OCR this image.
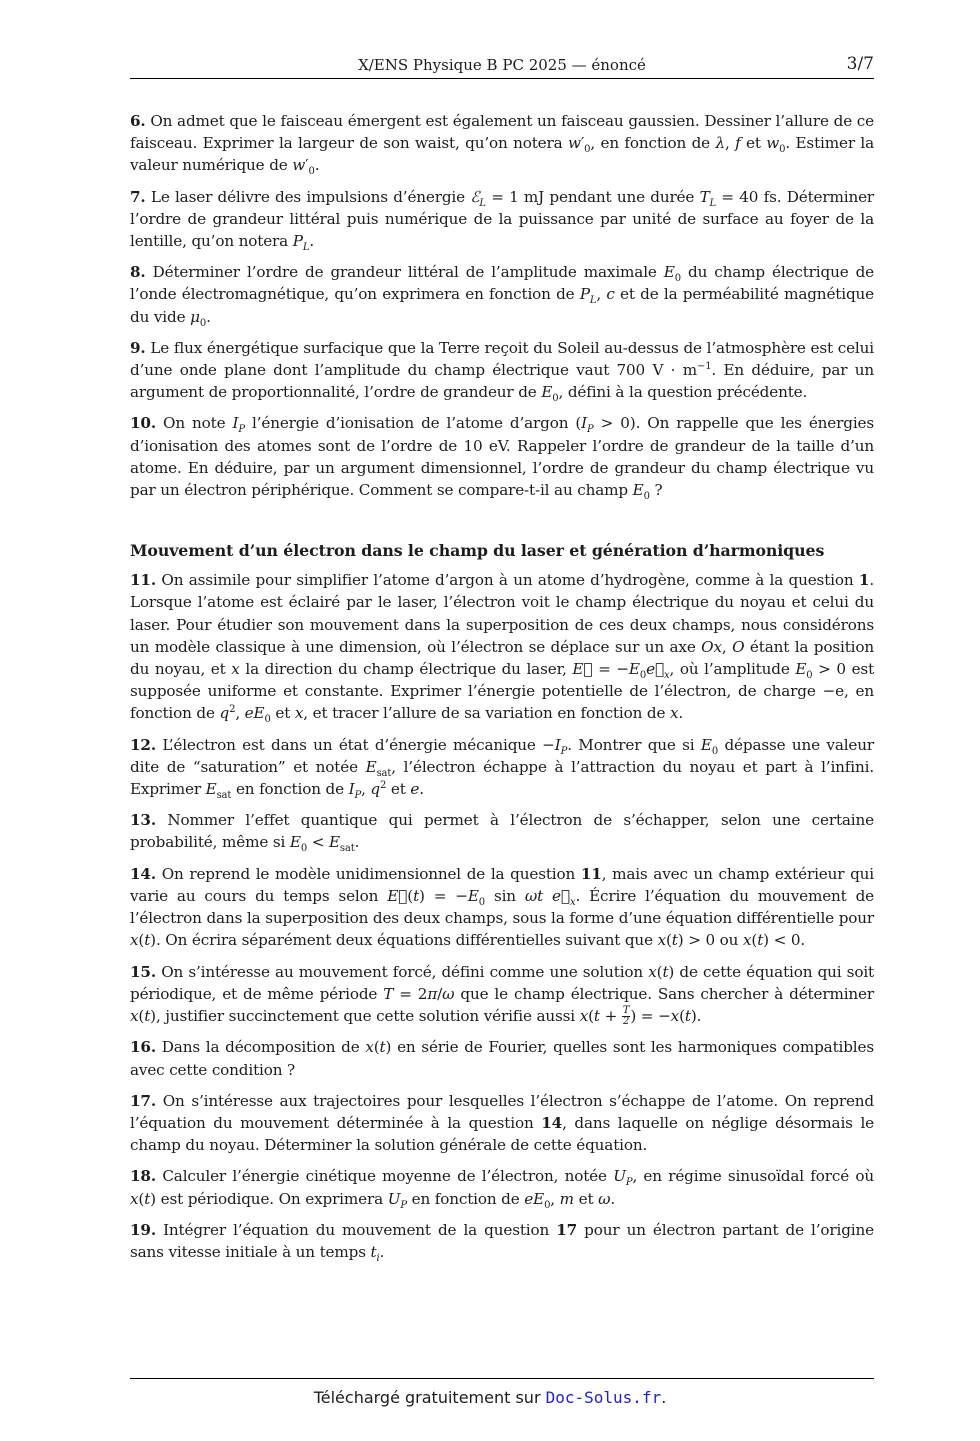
X/ENS Physique B PC 2025 — énoncé	3/7

6. On admet que le faisceau émergent est également un faisceau gaussien. Dessiner l’allure de ce faisceau. Exprimer la largeur de son waist, qu’on notera $w'_0$, en fonction de λ, f et $w_0$. Estimer la valeur numérique de $w'_0$.

7. Le laser délivre des impulsions d’énergie ℰ$_L$ = 1 mJ pendant une durée $T_L = 40$ fs. Déterminer l’ordre de grandeur littéral puis numérique de la puissance par unité de surface au foyer de la lentille, qu’on notera $P_L$.

8. Déterminer l’ordre de grandeur littéral de l’amplitude maximale $E_0$ du champ électrique de l’onde électromagnétique, qu’on exprimera en fonction de $P_L$, c et de la perméabilité magnétique du vide $\mu_0$.

9. Le flux énergétique surfacique que la Terre reçoit du Soleil au-dessus de l’atmosphère est celui d’une onde plane dont l’amplitude du champ électrique vaut 700 $V \cdot m^{-1}$. En déduire, par un argument de proportionnalité, l’ordre de grandeur de $E_0$, défini à la question précédente.

10. On note $I_P$ l’énergie d’ionisation de l’atome d’argon $(I_P > 0)$. On rappelle que les énergies d’ionisation des atomes sont de l’ordre de 10 eV. Rappeler l’ordre de grandeur de la taille d’un atome. En déduire, par un argument dimensionnel, l’ordre de grandeur du champ électrique vu par un électron périphérique. Comment se compare-t-il au champ $E_0$ ?

Mouvement d’un électron dans le champ du laser et génération d’harmoniques

11. On assimile pour simplifier l’atome d’argon à un atome d’hydrogène, comme à la question 1. Lorsque l’atome est éclairé par le laser, l’électron voit le champ électrique du noyau et celui du laser. Pour étudier son mouvement dans la superposition de ces deux champs, nous considérons un modèle classique à une dimension, où l’électron se déplace sur un axe Ox, O étant la position du noyau, et x la direction du champ électrique du laser, E⃗ = $-E_0e⃗_x$, où l’amplitude $E_0 > 0$ est supposée uniforme et constante. Exprimer l’énergie potentielle de l’électron, de charge −e, en fonction de $q^2$, $eE_0$ et x, et tracer l’allure de sa variation en fonction de x.

12. L’électron est dans un état d’énergie mécanique $-I_P$. Montrer que si $E_0$ dépasse une valeur dite de “saturation” et notée $E_{sat}$, l’électron échappe à l’attraction du noyau et part à l’infini. Exprimer $E_{sat}$ en fonction de $I_P$, $q^2$ et e.

13. Nommer l’effet quantique qui permet à l’électron de s’échapper, selon une certaine probabilité, même si $E_0 < E_{sat}$.

14. On reprend le modèle unidimensionnel de la question 11, mais avec un champ extérieur qui varie au cours du temps selon E⃗(t) = $-E_0$ sin ωt $e⃗_x$. Écrire l’équation du mouvement de l’électron dans la superposition des deux champs, sous la forme d’une équation différentielle pour x(t). On écrira séparément deux équations différentielles suivant que x(t) > 0 ou x(t) < 0.

15. On s’intéresse au mouvement forcé, défini comme une solution x(t) de cette équation qui soit périodique, et de même période T = 2π/ω que le champ électrique. Sans chercher à déterminer x(t), justifier succinctement que cette solution vérifie aussi $x(t + \frac{T}{2}$ ) = −x(t).

16. Dans la décomposition de x(t) en série de Fourier, quelles sont les harmoniques compatibles avec cette condition ?

17. On s’intéresse aux trajectoires pour lesquelles l’électron s’échappe de l’atome. On reprend l’équation du mouvement déterminée à la question 14, dans laquelle on néglige désormais le champ du noyau. Déterminer la solution générale de cette équation.

18. Calculer l’énergie cinétique moyenne de l’électron, notée $U_P$, en régime sinusoïdal forcé où x(t) est périodique. On exprimera $U_P$ en fonction de $eE_0$, m et ω.

19. Intégrer l’équation du mouvement de la question 17 pour un électron partant de l’origine sans vitesse initiale à un temps $t_i$.

Téléchargé gratuitement sur Doc-Solus.fr.
